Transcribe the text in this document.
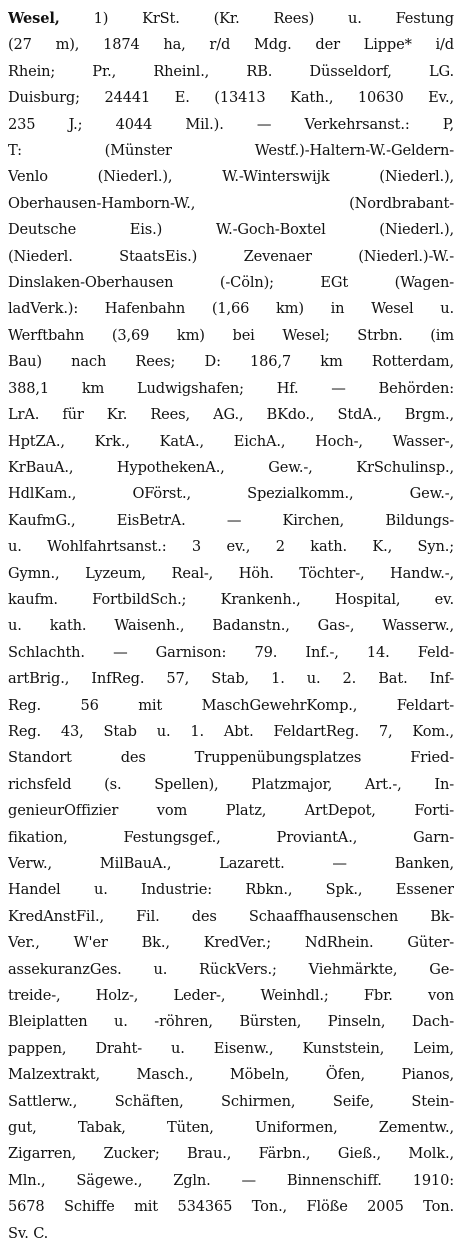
Wesel, 1) KrSt. (Kr. Rees) u. Festung
(27 m), 1874 ha, r/d Mdg. der Lippe* i/d
Rhein; Pr., Rheinl., RB. Düsseldorf, LG.
Duisburg; 24441 E. (13413 Kath., 10630 Ev.,
235 J.; 4044 Mil.). — Verkehrsanst.: P,
T: (Münster Westf.)-Haltern-W.-Geldern-
Venlo (Niederl.), W.-Winterswijk (Niederl.),
Oberhausen-Hamborn-W., (Nordbrabant-
Deutsche Eis.) W.-Goch-Boxtel (Niederl.),
(Niederl. StaatsEis.) Zevenaer (Niederl.)-W.-
Dinslaken-Oberhausen (-Cöln); EGt (Wagen-
ladVerk.): Hafenbahn (1,66 km) in Wesel u.
Werftbahn (3,69 km) bei Wesel; Strbn. (im
Bau) nach Rees; D: 186,7 km Rotterdam,
388,1 km Ludwigshafen; Hf. — Behörden:
LrA. für Kr. Rees, AG., BKdo., StdA., Brgm.,
HptZA., Krk., KatA., EichA., Hoch-, Wasser-,
KrBauA., HypothekenA., Gew.-, KrSchulinsp.,
HdlKam., OFörst., Spezialkomm., Gew.-,
KaufmG., EisBetrA. — Kirchen, Bildungs-
u. Wohlfahrtsanst.: 3 ev., 2 kath. K., Syn.;
Gymn., Lyzeum, Real-, Höh. Töchter-, Handw.-,
kaufm. FortbildSch.; Krankenh., Hospital, ev.
u. kath. Waisenh., Badanstn., Gas-, Wasserw.,
Schlachth. — Garnison: 79. Inf.-, 14. Feld-
artBrig., InfReg. 57, Stab, 1. u. 2. Bat. Inf-
Reg. 56 mit MaschGewehrKomp., Feldart-
Reg. 43, Stab u. 1. Abt. FeldartReg. 7, Kom.,
Standort des Truppenübungsplatzes Fried-
richsfeld (s. Spellen), Platzmajor, Art.-, In-
genieurOffizier vom Platz, ArtDepot, Forti-
fikation, Festungsgef., ProviantA., Garn-
Verw., MilBauA., Lazarett. — Banken,
Handel u. Industrie: Rbkn., Spk., Essener
KredAnstFil., Fil. des Schaaffhausenschen Bk-
Ver., W'er Bk., KredVer.; NdRhein. Güter-
assekuranzGes. u. RückVers.; Viehmärkte, Ge-
treide-, Holz-, Leder-, Weinhdl.; Fbr. von
Bleiplatten u. -röhren, Bürsten, Pinseln, Dach-
pappen, Draht- u. Eisenw., Kunststein, Leim,
Malzextrakt, Masch., Möbeln, Öfen, Pianos,
Sattlerw., Schäften, Schirmen, Seife, Stein-
gut, Tabak, Tüten, Uniformen, Zementw.,
Zigarren, Zucker; Brau., Färbn., Gieß., Molk.,
Mln., Sägewe., Zgln. — Binnenschiff. 1910:
5678 Schiffe mit 534365 Ton., Flöße 2005 Ton.
Sv. C.
